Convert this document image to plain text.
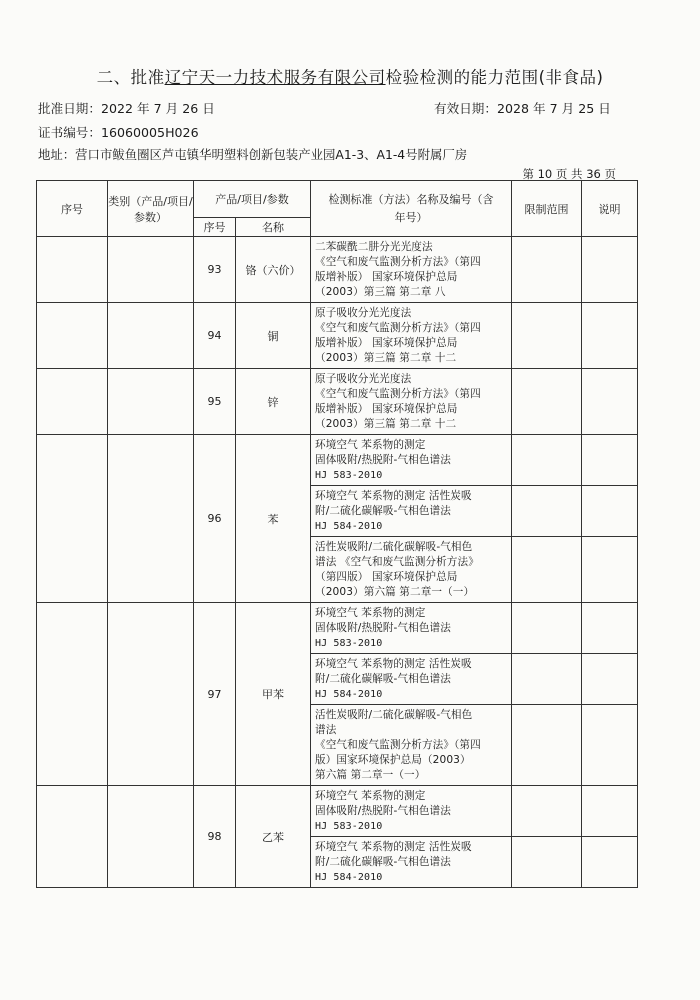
二、批准辽宁天一力技术服务有限公司检验检测的能力范围(非食品)
批准日期：2022 年 7 月 26 日	有效日期：2028 年 7 月 25 日
证书编号：16060005H026
地址：营口市鲅鱼圈区芦屯镇华明塑料创新包装产业园A1-3、A1-4号附属厂房
第 10 页 共 36 页
序号	类别（产品/项目/参数）	产品/项目/参数		检测标准（方法）名称及编号（含年号）	限制范围	说明
		序号	名称			
		93	铬（六价）	二苯碳酰二肼分光光度法
《空气和废气监测分析方法》（第四
版增补版） 国家环境保护总局
（2003）第三篇 第二章 八		

		94	铜	原子吸收分光光度法
《空气和废气监测分析方法》（第四
版增补版） 国家环境保护总局
（2003）第三篇 第二章 十二		

		95	锌	原子吸收分光光度法
《空气和废气监测分析方法》（第四
版增补版） 国家环境保护总局
（2003）第三篇 第二章 十二		

		96	苯	环境空气 苯系物的测定
固体吸附/热脱附-气相色谱法
HJ 583-2010		

				环境空气 苯系物的测定 活性炭吸
附/二硫化碳解吸-气相色谱法
HJ 584-2010		

				活性炭吸附/二硫化碳解吸-气相色
谱法 《空气和废气监测分析方法》
（第四版） 国家环境保护总局
（2003）第六篇 第二章一（一）		

		97	甲苯	环境空气 苯系物的测定
固体吸附/热脱附-气相色谱法
HJ 583-2010		

				环境空气 苯系物的测定 活性炭吸
附/二硫化碳解吸-气相色谱法
HJ 584-2010		

				活性炭吸附/二硫化碳解吸-气相色
谱法
《空气和废气监测分析方法》（第四
版）国家环境保护总局（2003）
第六篇 第二章一（一）		

		98	乙苯	环境空气 苯系物的测定
固体吸附/热脱附-气相色谱法
HJ 583-2010		

				环境空气 苯系物的测定 活性炭吸
附/二硫化碳解吸-气相色谱法
HJ 584-2010		
